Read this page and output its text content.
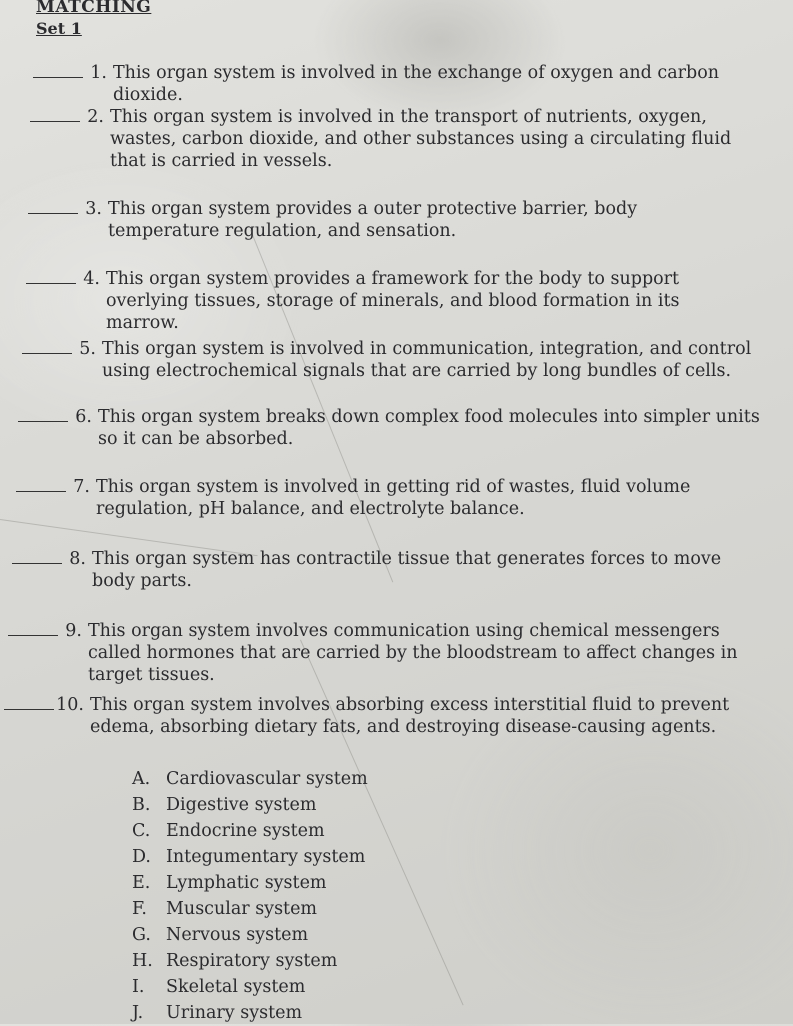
MATCHING
Set 1
1. This organ system is involved in the exchange of oxygen and carbon dioxide.
2. This organ system is involved in the transport of nutrients, oxygen, wastes, carbon dioxide, and other substances using a circulating fluid that is carried in vessels.
3. This organ system provides a outer protective barrier, body temperature regulation, and sensation.
4. This organ system provides a framework for the body to support overlying tissues, storage of minerals, and blood formation in its marrow.
5. This organ system is involved in communication, integration, and control using electrochemical signals that are carried by long bundles of cells.
6. This organ system breaks down complex food molecules into simpler units so it can be absorbed.
7. This organ system is involved in getting rid of wastes, fluid volume regulation, pH balance, and electrolyte balance.
8. This organ system has contractile tissue that generates forces to move body parts.
9. This organ system involves communication using chemical messengers called hormones that are carried by the bloodstream to affect changes in target tissues.
10. This organ system involves absorbing excess interstitial fluid to prevent edema, absorbing dietary fats, and destroying disease-causing agents.
A. Cardiovascular system
B. Digestive system
C. Endocrine system
D. Integumentary system
E. Lymphatic system
F.	Muscular system
G. Nervous system
H. Respiratory system
I.	Skeletal system
J.	Urinary system
